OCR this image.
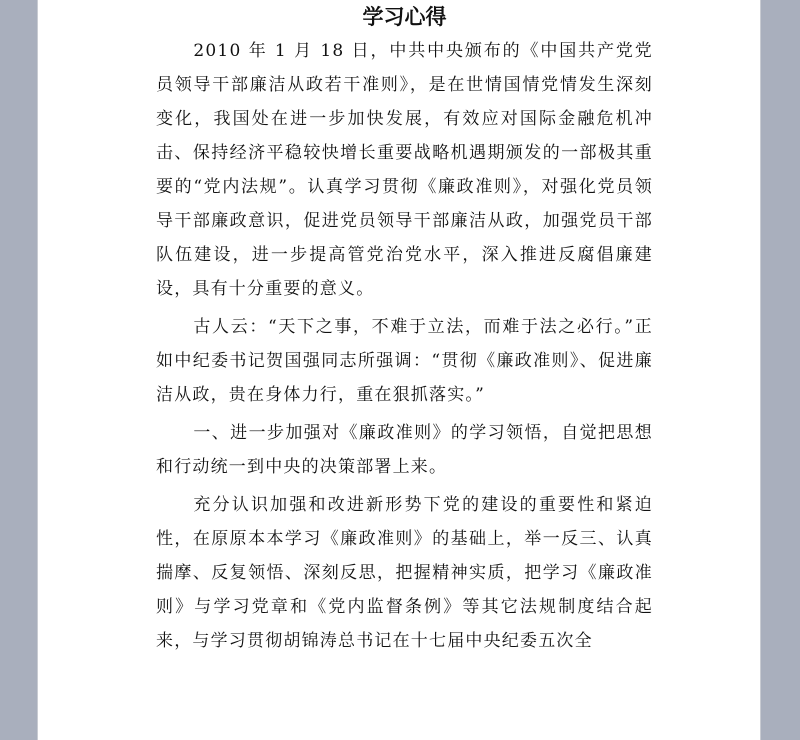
学习心得

2010 年 1 月 18 日，中共中央颁布的《中国共产党党员领导干部廉洁从政若干准则》，是在世情国情党情发生深刻变化，我国处在进一步加快发展，有效应对国际金融危机冲击、保持经济平稳较快增长重要战略机遇期颁发的一部极其重要的“党内法规”。认真学习贯彻《廉政准则》，对强化党员领导干部廉政意识，促进党员领导干部廉洁从政，加强党员干部队伍建设，进一步提高管党治党水平，深入推进反腐倡廉建设，具有十分重要的意义。

古人云：“天下之事，不难于立法，而难于法之必行。”正如中纪委书记贺国强同志所强调：“贯彻《廉政准则》、促进廉洁从政，贵在身体力行，重在狠抓落实。”

一、进一步加强对《廉政准则》的学习领悟，自觉把思想和行动统一到中央的决策部署上来。

充分认识加强和改进新形势下党的建设的重要性和紧迫性，在原原本本学习《廉政准则》的基础上，举一反三、认真揣摩、反复领悟、深刻反思，把握精神实质，把学习《廉政准则》与学习党章和《党内监督条例》等其它法规制度结合起来，与学习贯彻胡锦涛总书记在十七届中央纪委五次全
